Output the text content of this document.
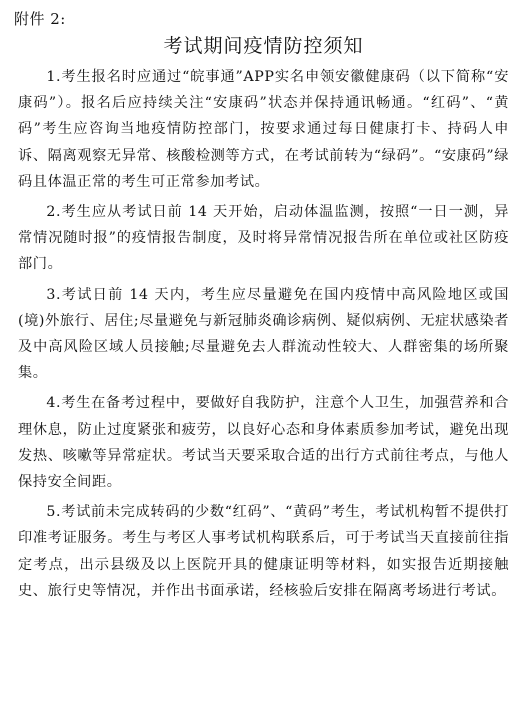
附件 2:
考试期间疫情防控须知

1.考生报名时应通过“皖事通”APP实名申领安徽健康码（以下简称“安康码”）。报名后应持续关注“安康码”状态并保持通讯畅通。“红码”、“黄码”考生应咨询当地疫情防控部门，按要求通过每日健康打卡、持码人申诉、隔离观察无异常、核酸检测等方式，在考试前转为“绿码”。“安康码”绿码且体温正常的考生可正常参加考试。

2.考生应从考试日前 14 天开始，启动体温监测，按照“一日一测，异常情况随时报”的疫情报告制度，及时将异常情况报告所在单位或社区防疫部门。

3.考试日前 14 天内，考生应尽量避免在国内疫情中高风险地区或国(境)外旅行、居住;尽量避免与新冠肺炎确诊病例、疑似病例、无症状感染者及中高风险区域人员接触;尽量避免去人群流动性较大、人群密集的场所聚集。

4.考生在备考过程中，要做好自我防护，注意个人卫生，加强营养和合理休息，防止过度紧张和疲劳，以良好心态和身体素质参加考试，避免出现发热、咳嗽等异常症状。考试当天要采取合适的出行方式前往考点，与他人保持安全间距。

5.考试前未完成转码的少数“红码”、“黄码”考生，考试机构暂不提供打印准考证服务。考生与考区人事考试机构联系后，可于考试当天直接前往指定考点，出示县级及以上医院开具的健康证明等材料，如实报告近期接触史、旅行史等情况，并作出书面承诺，经核验后安排在隔离考场进行考试。
